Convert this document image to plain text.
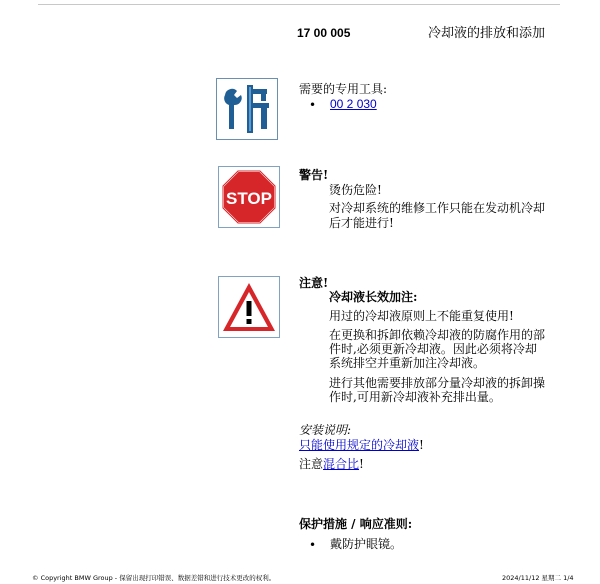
17 00 005	冷却液的排放和添加
需要的专用工具:
• 00 2 030
STOP
警告!
烫伤危险!
对冷却系统的维修工作只能在发动机冷却
后才能进行!
注意!
冷却液长效加注:
用过的冷却液原则上不能重复使用!
在更换和拆卸依赖冷却液的防腐作用的部
件时,必须更新冷却液。因此必须将冷却
系统排空并重新加注冷却液。
进行其他需要排放部分量冷却液的拆卸操
作时,可用新冷却液补充排出量。
安装说明:
只能使用规定的冷却液!
注意混合比!
保护措施 / 响应准则:
• 戴防护眼镜。
© Copyright BMW Group - 保留出现打印错误、数据差错和进行技术更改的权利。	2024/11/12 星期二 1/4
